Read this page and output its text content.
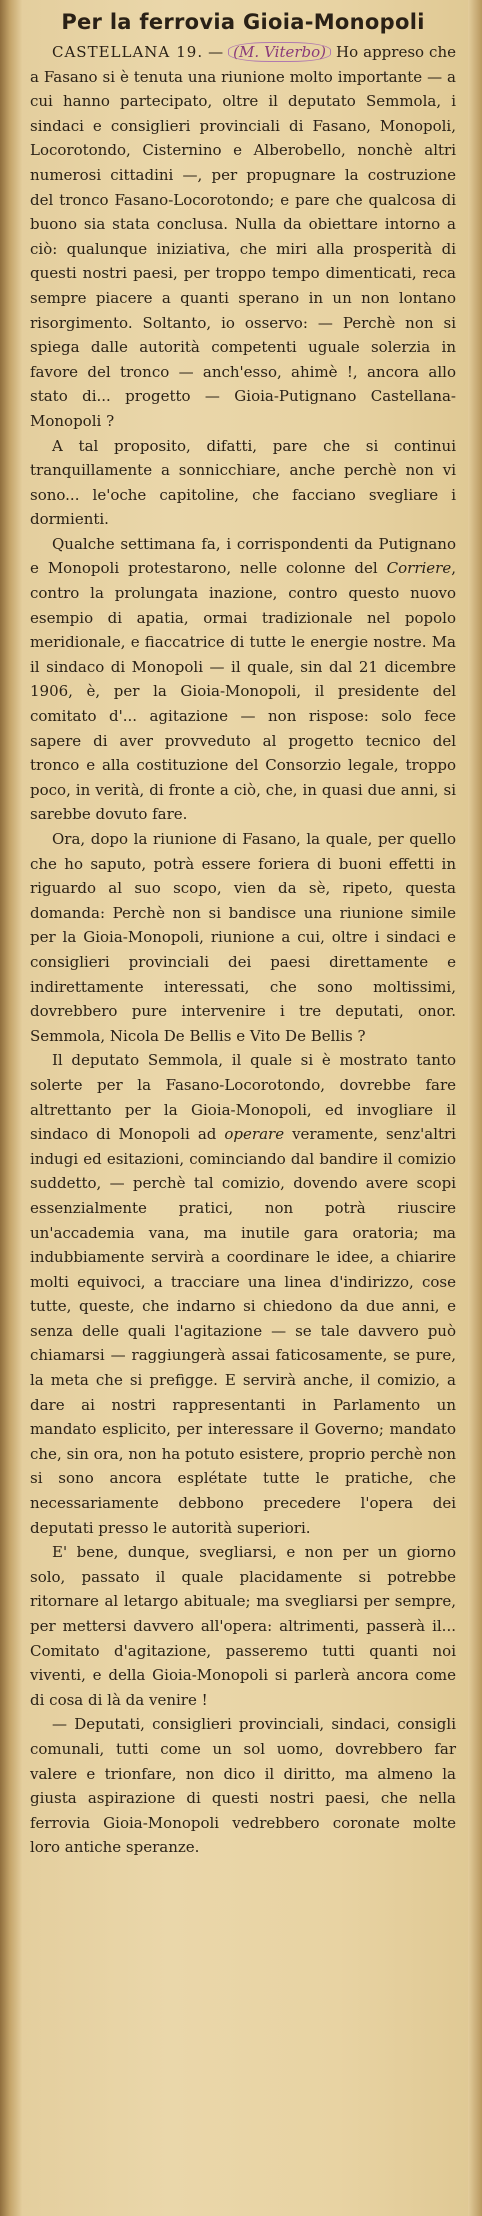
Per la ferrovia Gioia-Monopoli

CASTELLANA 19. — (M. Viterbo) Ho appreso che a Fasano si è tenuta una riunione molto importante — a cui hanno partecipato, oltre il deputato Semmola, i sindaci e consiglieri provinciali di Fasano, Monopoli, Locorotondo, Cisternino e Alberobello, nonchè altri numerosi cittadini —, per propugnare la costruzione del tronco Fasano-Locorotondo; e pare che qualcosa di buono sia stata conclusa. Nulla da obiettare intorno a ciò: qualunque iniziativa, che miri alla prosperità di questi nostri paesi, per troppo tempo dimenticati, reca sempre piacere a quanti sperano in un non lontano risorgimento. Soltanto, io osservo: — Perchè non si spiega dalle autorità competenti uguale solerzia in favore del tronco — anch'esso, ahimè !, ancora allo stato di... progetto — Gioia-Putignano Castellana-Monopoli ?

A tal proposito, difatti, pare che si continui tranquillamente a sonnicchiare, anche perchè non vi sono... le'oche capitoline, che facciano svegliare i dormienti.

Qualche settimana fa, i corrispondenti da Putignano e Monopoli protestarono, nelle colonne del Corriere, contro la prolungata inazione, contro questo nuovo esempio di apatia, ormai tradizionale nel popolo meridionale, e fiaccatrice di tutte le energie nostre. Ma il sindaco di Monopoli — il quale, sin dal 21 dicembre 1906, è, per la Gioia-Monopoli, il presidente del comitato d'... agitazione — non rispose: solo fece sapere di aver provveduto al progetto tecnico del tronco e alla costituzione del Consorzio legale, troppo poco, in verità, di fronte a ciò, che, in quasi due anni, si sarebbe dovuto fare.

Ora, dopo la riunione di Fasano, la quale, per quello che ho saputo, potrà essere foriera di buoni effetti in riguardo al suo scopo, vien da sè, ripeto, questa domanda: Perchè non si bandisce una riunione simile per la Gioia-Monopoli, riunione a cui, oltre i sindaci e consiglieri provinciali dei paesi direttamente e indirettamente interessati, che sono moltissimi, dovrebbero pure intervenire i tre deputati, onor. Semmola, Nicola De Bellis e Vito De Bellis ?

Il deputato Semmola, il quale si è mostrato tanto solerte per la Fasano-Locorotondo, dovrebbe fare altrettanto per la Gioia-Monopoli, ed invogliare il sindaco di Monopoli ad operare veramente, senz'altri indugi ed esitazioni, cominciando dal bandire il comizio suddetto, — perchè tal comizio, dovendo avere scopi essenzialmente pratici, non potrà riuscire un'accademia vana, ma inutile gara oratoria; ma indubbiamente servirà a coordinare le idee, a chiarire molti equivoci, a tracciare una linea d'indirizzo, cose tutte, queste, che indarno si chiedono da due anni, e senza delle quali l'agitazione — se tale davvero può chiamarsi — raggiungerà assai faticosamente, se pure, la meta che si prefigge. E servirà anche, il comizio, a dare ai nostri rappresentanti in Parlamento un mandato esplicito, per interessare il Governo; mandato che, sin ora, non ha potuto esistere, proprio perchè non si sono ancora esplétate tutte le pratiche, che necessariamente debbono precedere l'opera dei deputati presso le autorità superiori.

E' bene, dunque, svegliarsi, e non per un giorno solo, passato il quale placidamente si potrebbe ritornare al letargo abituale; ma svegliarsi per sempre, per mettersi davvero all'opera: altrimenti, passerà il... Comitato d'agitazione, passeremo tutti quanti noi viventi, e della Gioia-Monopoli si parlerà ancora come di cosa di là da venire !

— Deputati, consiglieri provinciali, sindaci, consigli comunali, tutti come un sol uomo, dovrebbero far valere e trionfare, non dico il diritto, ma almeno la giusta aspirazione di questi nostri paesi, che nella ferrovia Gioia-Monopoli vedrebbero coronate molte loro antiche speranze.
